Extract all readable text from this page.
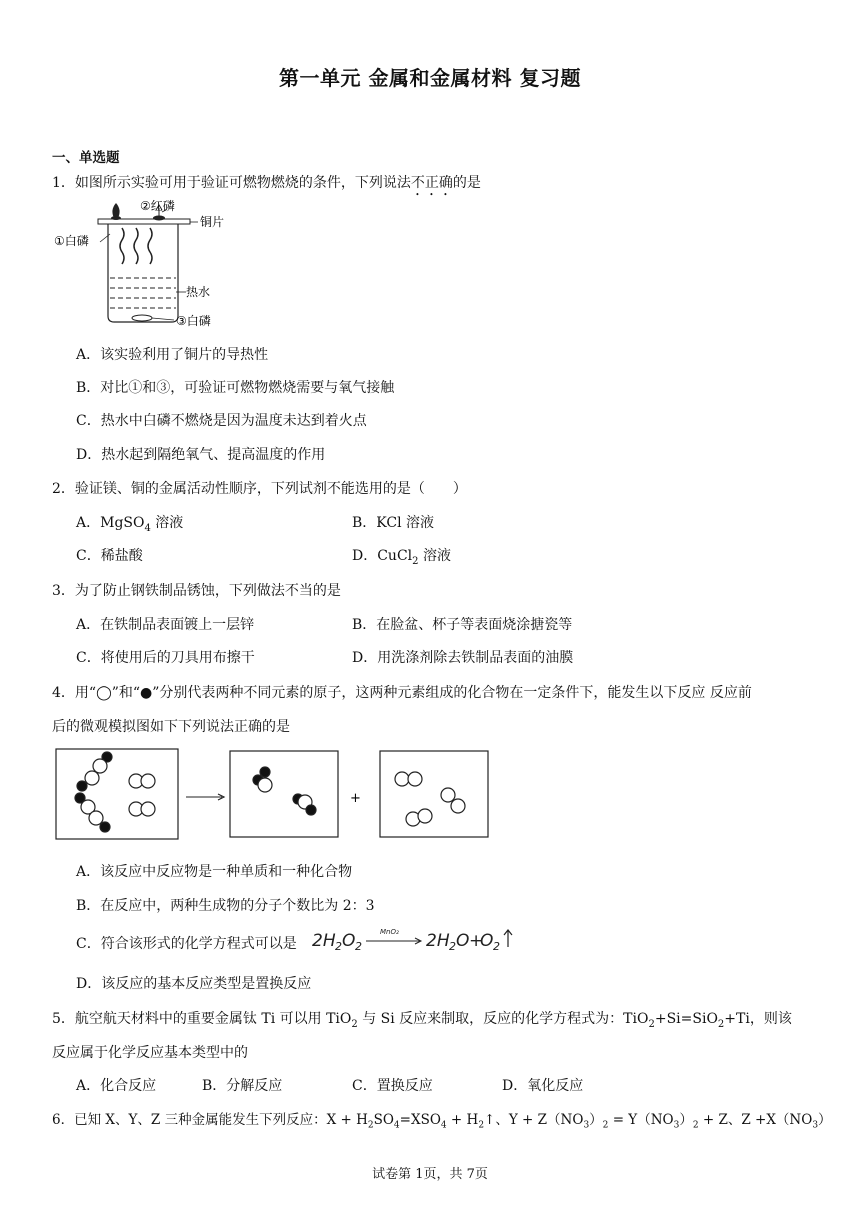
第一单元 金属和金属材料 复习题
一、单选题
1．如图所示实验可用于验证可燃物燃烧的条件，下列说法不正确的是
②红磷
①白磷
铜片
热水
③白磷
A．该实验利用了铜片的导热性
B．对比①和③，可验证可燃物燃烧需要与氧气接触
C．热水中白磷不燃烧是因为温度未达到着火点
D．热水起到隔绝氧气、提高温度的作用
2．验证镁、铜的金属活动性顺序，下列试剂不能选用的是（　　）
A．MgSO$_4$ 溶液	B．KCl 溶液
C．稀盐酸	D．CuCl$_2$ 溶液
3．为了防止钢铁制品锈蚀，下列做法不当的是
A．在铁制品表面镀上一层锌	B．在脸盆、杯子等表面烧涂搪瓷等
C．将使用后的刀具用布擦干	D．用洗涤剂除去铁制品表面的油膜
4．用“◯”和“●”分别代表两种不同元素的原子，这两种元素组成的化合物在一定条件下，能发生以下反应 反应前
后的微观模拟图如下下列说法正确的是
+
A．该反应中反应物是一种单质和一种化合物
B．在反应中，两种生成物的分子个数比为 2：3
C．符合该形式的化学方程式可以是 2H 2 O 2	2H 2 O +
O 2
MnO₂
D．该反应的基本反应类型是置换反应
5．航空航天材料中的重要金属钛 Ti 可以用 TiO$_2$ 与 Si 反应来制取，反应的化学方程式为：TiO$_2$+Si=SiO$_2$+Ti，则该
反应属于化学反应基本类型中的
A．化合反应	B．分解反应	C．置换反应	D．氧化反应
6．已知 X、Y、Z 三种金属能发生下列反应：$X + H_2SO_4=XSO_4$ + $H_2↑$、$Y + Z(NO_3)_2 = Y(NO_3)_2 + Z$、$Z +X(NO_3)$
试卷第 1页，共 7页
